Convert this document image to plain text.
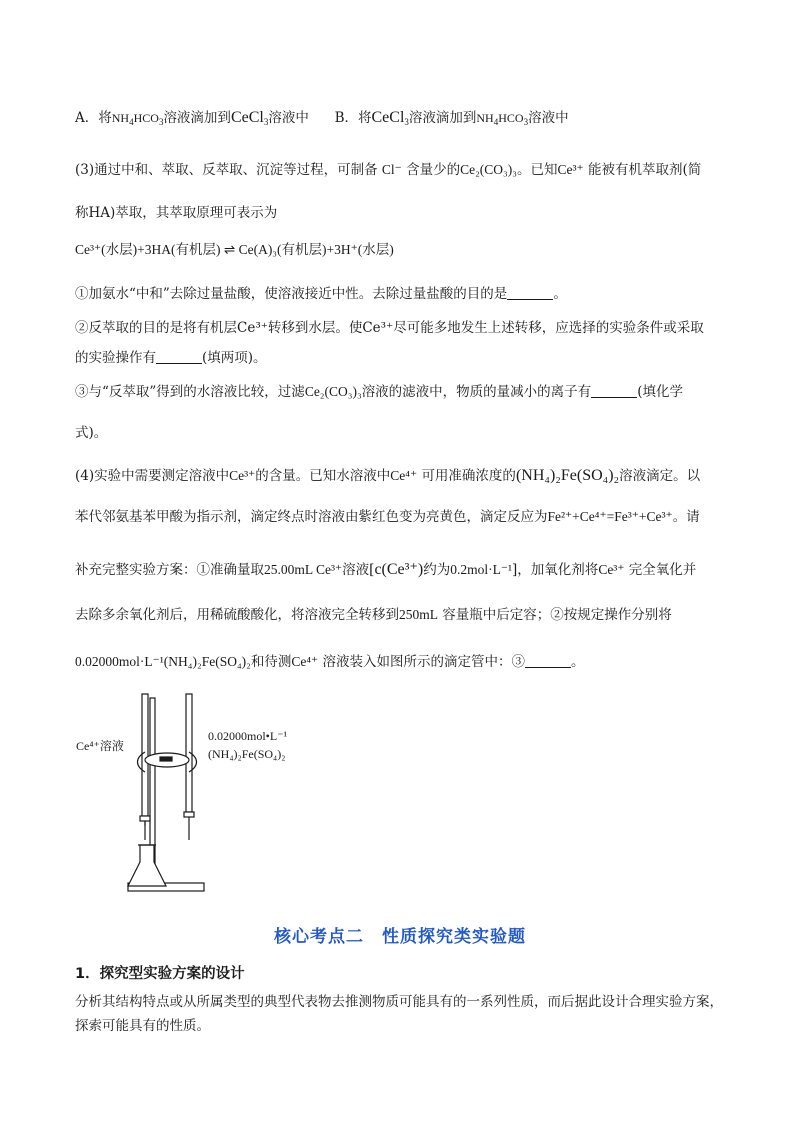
A．将$NH_4HCO_3$溶液滴加到CeCl$_3$溶液中 B．将CeCl$_3$溶液滴加到$NH_4HCO_3$溶液中
(3)通过中和、萃取、反萃取、沉淀等过程，可制备 Cl⁻ 含量少的Ce₂(CO₃)₃。已知Ce³⁺ 能被有机萃取剂(简
称HA)萃取，其萃取原理可表示为
Ce³⁺(水层)+3HA(有机层) ⇌ Ce(A)₃(有机层)+3H⁺(水层)
①加氨水“中和”去除过量盐酸，使溶液接近中性。去除过量盐酸的目的是	。
②反萃取的目的是将有机层Ce³⁺转移到水层。使Ce³⁺尽可能多地发生上述转移，应选择的实验条件或采取
的实验操作有	(填两项)。
③与“反萃取”得到的水溶液比较，过滤Ce₂(CO₃)₃溶液的滤液中，物质的量减小的离子有	(填化学
式)。
(4)实验中需要测定溶液中Ce³⁺的含量。已知水溶液中Ce⁴⁺ 可用准确浓度的(NH₄)₂Fe(SO₄)₂溶液滴定。以
苯代邻氨基苯甲酸为指示剂，滴定终点时溶液由紫红色变为亮黄色，滴定反应为Fe²⁺+Ce⁴⁺=Fe³⁺+Ce³⁺。请
补充完整实验方案：①准确量取25.00mL Ce³⁺溶液[c(Ce³⁺)约为0.2mol·L⁻¹]，加氧化剂将Ce³⁺ 完全氧化并
去除多余氧化剂后，用稀硫酸酸化，将溶液完全转移到250mL 容量瓶中后定容；②按规定操作分别将
0.02000mol·L⁻¹(NH₄)₂Fe(SO₄)₂和待测Ce⁴⁺ 溶液装入如图所示的滴定管中：③	。
Ce⁴⁺溶液
0.02000mol•L⁻¹
(NH₄)₂Fe(SO₄)₂
核心考点二　性质探究类实验题
1．探究型实验方案的设计
分析其结构特点或从所属类型的典型代表物去推测物质可能具有的一系列性质，而后据此设计合理实验方案，探索可能具有的性质。
